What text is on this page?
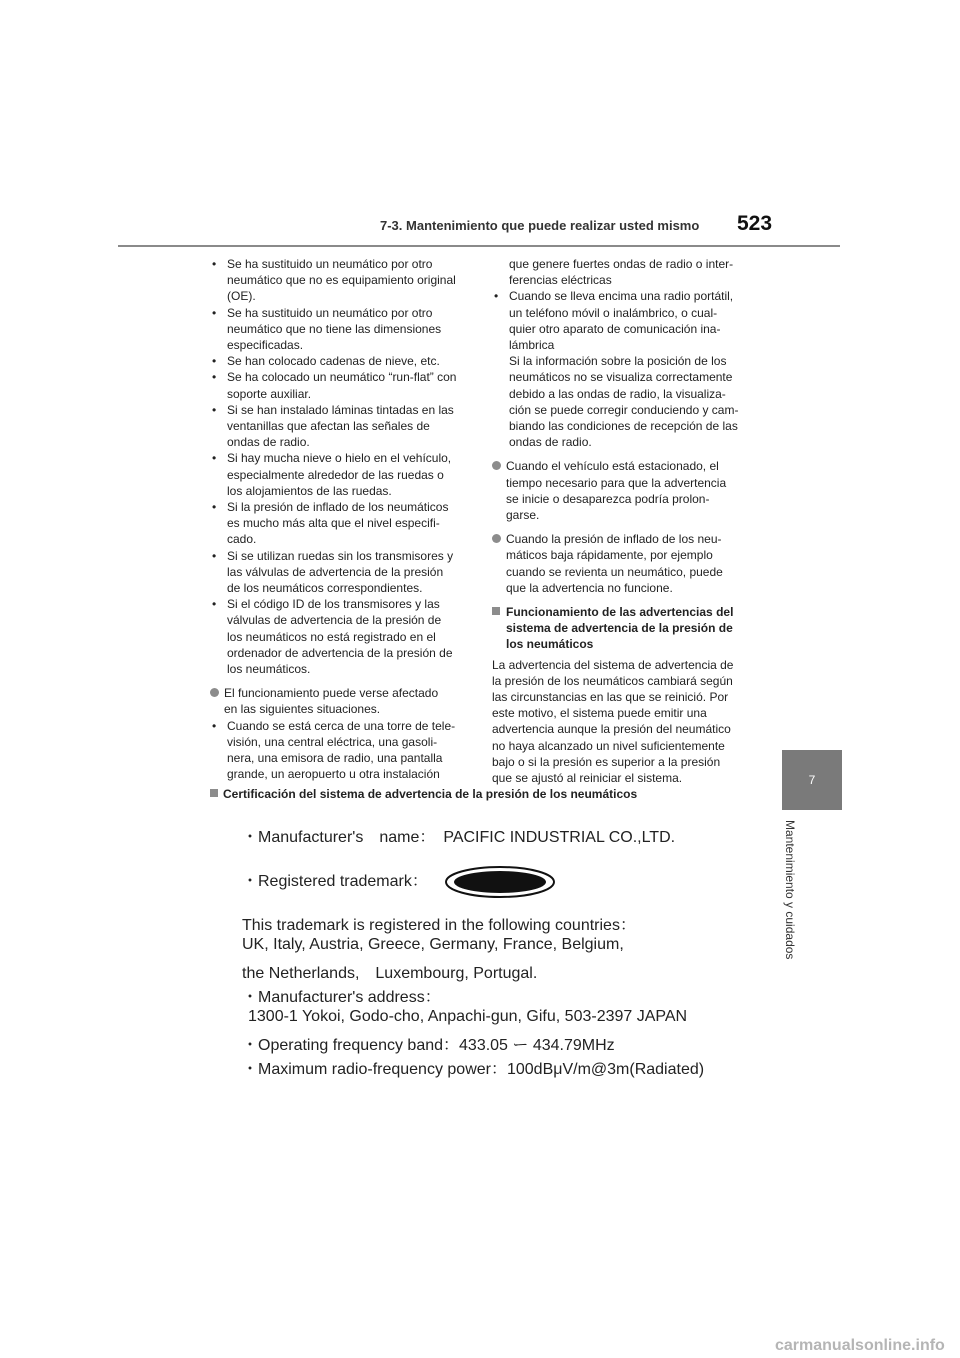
7-3. Mantenimiento que puede realizar usted mismo 523
7
Mantenimiento y cuidados
• Se ha sustituido un neumático por otro
neumático que no es equipamiento original
(OE).
• Se ha sustituido un neumático por otro
neumático que no tiene las dimensiones
especificadas.
• Se han colocado cadenas de nieve, etc.
• Se ha colocado un neumático “run-flat” con
soporte auxiliar.
• Si se han instalado láminas tintadas en las
ventanillas que afectan las señales de
ondas de radio.
• Si hay mucha nieve o hielo en el vehículo,
especialmente alrededor de las ruedas o
los alojamientos de las ruedas.
• Si la presión de inflado de los neumáticos
es mucho más alta que el nivel especifi-
cado.
• Si se utilizan ruedas sin los transmisores y
las válvulas de advertencia de la presión
de los neumáticos correspondientes.
• Si el código ID de los transmisores y las
válvulas de advertencia de la presión de
los neumáticos no está registrado en el
ordenador de advertencia de la presión de
los neumáticos.
El funcionamiento puede verse afectado
en las siguientes situaciones.
• Cuando se está cerca de una torre de tele-
visión, una central eléctrica, una gasoli-
nera, una emisora de radio, una pantalla
grande, un aeropuerto u otra instalación
que genere fuertes ondas de radio o inter-
ferencias eléctricas
• Cuando se lleva encima una radio portátil,
un teléfono móvil o inalámbrico, o cual-
quier otro aparato de comunicación ina-
lámbrica
Si la información sobre la posición de los
neumáticos no se visualiza correctamente
debido a las ondas de radio, la visualiza-
ción se puede corregir conduciendo y cam-
biando las condiciones de recepción de las
ondas de radio.
Cuando el vehículo está estacionado, el
tiempo necesario para que la advertencia
se inicie o desaparezca podría prolon-
garse.
Cuando la presión de inflado de los neu-
máticos baja rápidamente, por ejemplo
cuando se revienta un neumático, puede
que la advertencia no funcione.
Funcionamiento de las advertencias del
sistema de advertencia de la presión de
los neumáticos
La advertencia del sistema de advertencia de
la presión de los neumáticos cambiará según
las circunstancias en las que se reinició. Por
este motivo, el sistema puede emitir una
advertencia aunque la presión del neumático
no haya alcanzado un nivel suficientemente
bajo o si la presión es superior a la presión
que se ajustó al reiniciar el sistema.
Certificación del sistema de advertencia de la presión de los neumáticos
・Manufacturer's　name：　PACIFIC INDUSTRIAL CO.,LTD.
・Registered trademark：
This trademark is registered in the following countries：
UK, Italy, Austria, Greece, Germany, France, Belgium,
the Netherlands,　Luxembourg, Portugal.
・Manufacturer's address：
1300-1 Yokoi, Godo-cho, Anpachi-gun, Gifu, 503-2397 JAPAN
・Operating frequency band：433.05 ー 434.79MHz
・Maximum radio-frequency power：100dBμV/m@3m(Radiated)
carmanualsonline.info
